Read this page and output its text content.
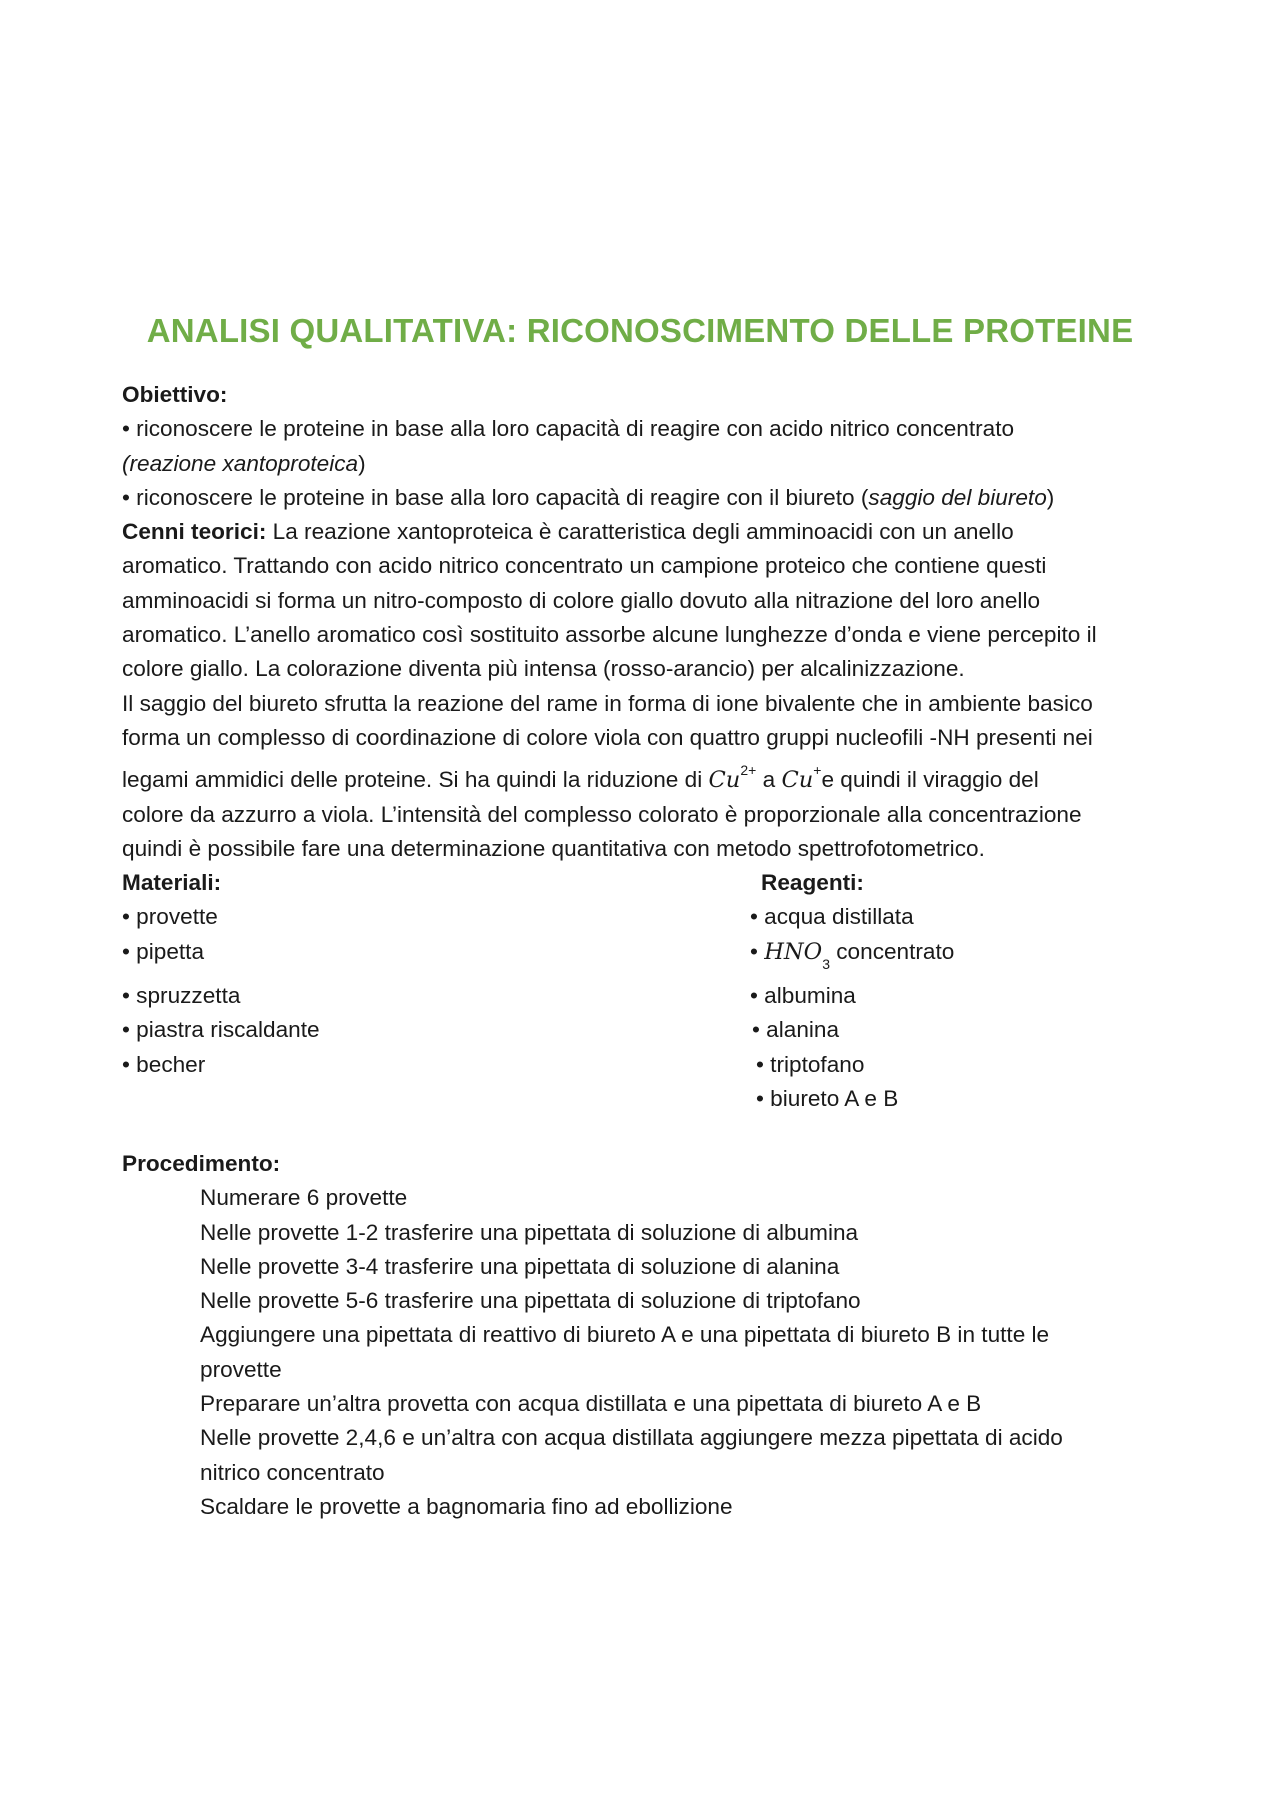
ANALISI QUALITATIVA: RICONOSCIMENTO DELLE PROTEINE
Obiettivo:
• riconoscere le proteine in base alla loro capacità di reagire con acido nitrico concentrato
(reazione xantoproteica)
• riconoscere le proteine in base alla loro capacità di reagire con il biureto (saggio del biureto)
Cenni teorici: La reazione xantoproteica è caratteristica degli amminoacidi con un anello
aromatico. Trattando con acido nitrico concentrato un campione proteico che contiene questi
amminoacidi si forma un nitro-composto di colore giallo dovuto alla nitrazione del loro anello
aromatico. L’anello aromatico così sostituito assorbe alcune lunghezze d’onda e viene percepito il
colore giallo. La colorazione diventa più intensa (rosso-arancio) per alcalinizzazione.
Il saggio del biureto sfrutta la reazione del rame in forma di ione bivalente che in ambiente basico
forma un complesso di coordinazione di colore viola con quattro gruppi nucleofili -NH presenti nei
legami ammidici delle proteine. Si ha quindi la riduzione di $Cu^{2+}$ a Cu+e quindi il viraggio del
colore da azzurro a viola. L’intensità del complesso colorato è proporzionale alla concentrazione
quindi è possibile fare una determinazione quantitativa con metodo spettrofotometrico.
Materiali:
• provette
• pipetta
• spruzzetta
• piastra riscaldante
• becher
Reagenti:
• acqua distillata
• $HNO_3$ concentrato
• albumina
• alanina
• triptofano
• biureto A e B
Procedimento:
Numerare 6 provette
Nelle provette 1-2 trasferire una pipettata di soluzione di albumina
Nelle provette 3-4 trasferire una pipettata di soluzione di alanina
Nelle provette 5-6 trasferire una pipettata di soluzione di triptofano
Aggiungere una pipettata di reattivo di biureto A e una pipettata di biureto B in tutte le
provette
Preparare un’altra provetta con acqua distillata e una pipettata di biureto A e B
Nelle provette 2,4,6 e un’altra con acqua distillata aggiungere mezza pipettata di acido
nitrico concentrato
Scaldare le provette a bagnomaria fino ad ebollizione
